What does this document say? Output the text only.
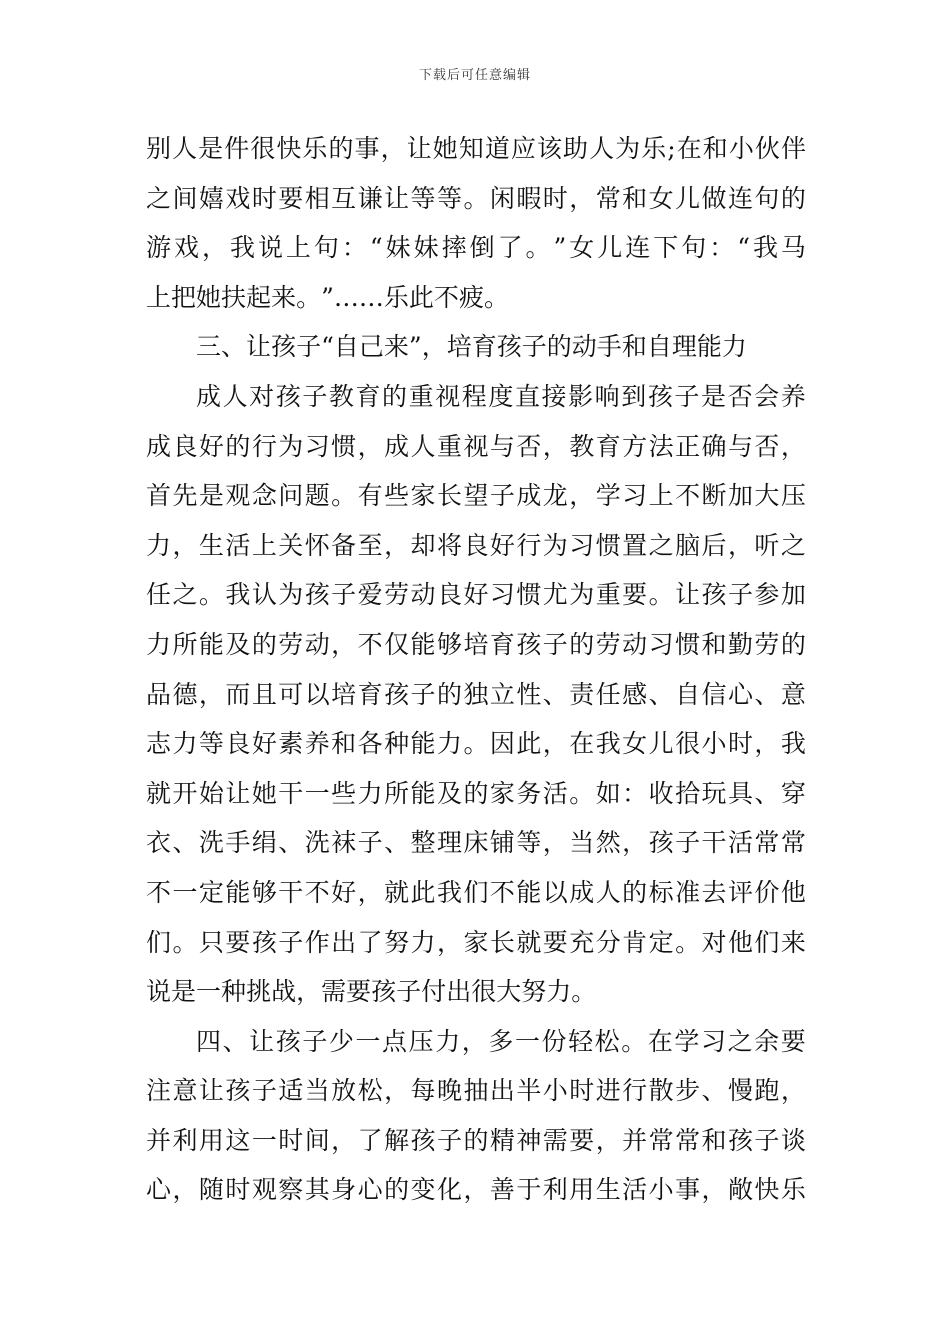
下载后可任意编辑
别 人 是 件 很 快 乐 的 事 ， 让 她 知 道 应 该 助 人 为 乐 ; 在 和 小 伙 伴
之 间 嬉 戏 时 要 相 互 谦 让 等 等 。 闲 暇 时 ， 常 和 女 儿 做 连 句 的
游 戏 ， 我 说 上 句 ： “ 妹 妹 摔 倒 了 。 ” 女 儿 连 下 句 ： “ 我 马
上 把 她 扶 起 来 。 ” … … 乐 此 不 疲 。
三 、 让 孩 子 “ 自 己 来 ” ， 培 育 孩 子 的 动 手 和 自 理 能 力
成 人 对 孩 子 教 育 的 重 视 程 度 直 接 影 响 到 孩 子 是 否 会 养
成 良 好 的 行 为 习 惯 ， 成 人 重 视 与 否 ， 教 育 方 法 正 确 与 否 ，
首 先 是 观 念 问 题 。 有 些 家 长 望 子 成 龙 ， 学 习 上 不 断 加 大 压
力 ， 生 活 上 关 怀 备 至 ， 却 将 良 好 行 为 习 惯 置 之 脑 后 ， 听 之
任 之 。 我 认 为 孩 子 爱 劳 动 良 好 习 惯 尤 为 重 要 。 让 孩 子 参 加
力 所 能 及 的 劳 动 ， 不 仅 能 够 培 育 孩 子 的 劳 动 习 惯 和 勤 劳 的
品 德 ， 而 且 可 以 培 育 孩 子 的 独 立 性 、 责 任 感 、 自 信 心 、 意
志 力 等 良 好 素 养 和 各 种 能 力 。 因 此 ， 在 我 女 儿 很 小 时 ， 我
就 开 始 让 她 干 一 些 力 所 能 及 的 家 务 活 。 如 ： 收 拾 玩 具 、 穿
衣 、 洗 手 绢 、 洗 袜 子 、 整 理 床 铺 等 ， 当 然 ， 孩 子 干 活 常 常
不 一 定 能 够 干 不 好 ， 就 此 我 们 不 能 以 成 人 的 标 准 去 评 价 他
们 。 只 要 孩 子 作 出 了 努 力 ， 家 长 就 要 充 分 肯 定 。 对 他 们 来
说 是 一 种 挑 战 ， 需 要 孩 子 付 出 很 大 努 力 。
四 、 让 孩 子 少 一 点 压 力 ， 多 一 份 轻 松 。 在 学 习 之 余 要
注 意 让 孩 子 适 当 放 松 ， 每 晚 抽 出 半 小 时 进 行 散 步 、 慢 跑 ，
并 利 用 这 一 时 间 ， 了 解 孩 子 的 精 神 需 要 ， 并 常 常 和 孩 子 谈
心 ， 随 时 观 察 其 身 心 的 变 化 ， 善 于 利 用 生 活 小 事 ， 敞 快 乐
